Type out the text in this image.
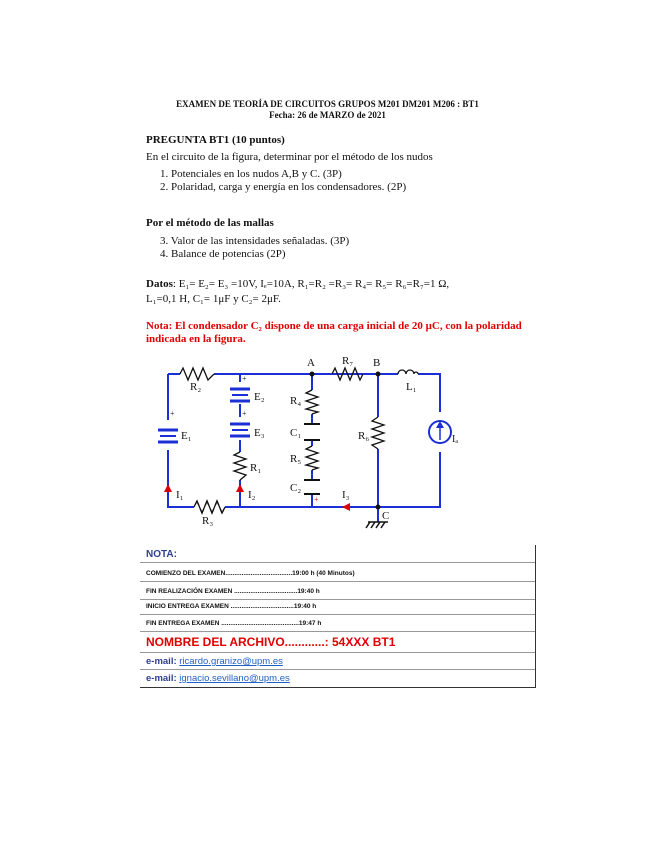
EXAMEN DE TEORÍA DE CIRCUITOS GRUPOS M201 DM201 M206 : BT1
Fecha: 26 de MARZO de 2021
PREGUNTA BT1 (10 puntos)
En el circuito de la figura, determinar por el método de los nudos
1. Potenciales en los nudos A,B y C. (3P)
2. Polaridad, carga y energía en los condensadores. (2P)
Por el método de las mallas
3. Valor de las intensidades señaladas. (3P)
4. Balance de potencias (2P)
Datos: E₁= E₂= E₃ =10V, Iₑ=10A, R₁=R₂ =R₃= R₄= R₅= R₆=R₇=1 Ω,
L₁=0,1 H, C₁= 1μF y C₂= 2μF.
Nota: El condensador C₂ dispone de una carga inicial de 20 μC, con la polaridad indicada en la figura.
A	B
C
R₂
R₇
L₁
E₁
E₂
E₃
R₁
R₃
R₄
C₁
R₅
C₂
R₆	Iₐ
I₁	I₂	I₃
+
+
+
+
NOTA:
COMIENZO DEL EXAMEN.....................................19:00 h (40 Minutos)
FIN REALIZACIÓN EXAMEN ...................................19:40 h
INICIO ENTREGA EXAMEN ...................................19:40 h
FIN ENTREGA EXAMEN ...........................................19:47 h
NOMBRE DEL ARCHIVO............: 54XXX BT1
e-mail: ricardo.granizo@upm.es
e-mail: ignacio.sevillano@upm.es
